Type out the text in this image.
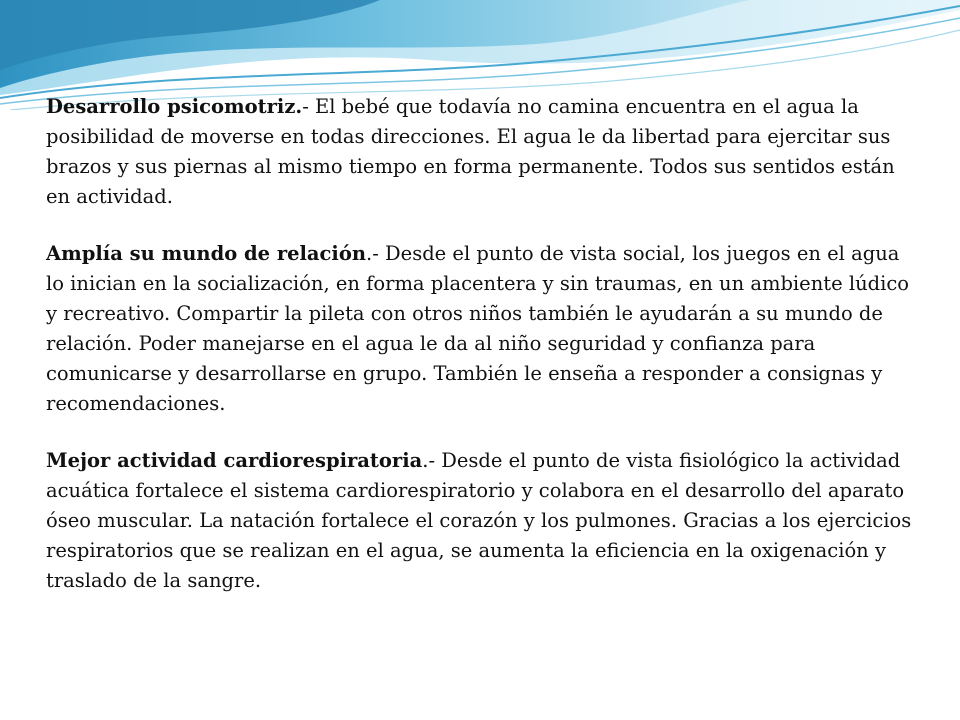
Desarrollo psicomotriz.- El bebé que todavía no camina encuentra en el agua la posibilidad de moverse en todas direcciones. El agua le da libertad para ejercitar sus brazos y sus piernas al mismo tiempo en forma permanente. Todos sus sentidos están en actividad.

Amplía su mundo de relación.- Desde el punto de vista social, los juegos en el agua lo inician en la socialización, en forma placentera y sin traumas, en un ambiente lúdico y recreativo. Compartir la pileta con otros niños también le ayudarán a su mundo de relación. Poder manejarse en el agua le da al niño seguridad y confianza para comunicarse y desarrollarse en grupo. También le enseña a responder a consignas y recomendaciones.

Mejor actividad cardiorespiratoria.- Desde el punto de vista fisiológico la actividad acuática fortalece el sistema cardiorespiratorio y colabora en el desarrollo del aparato óseo muscular. La natación fortalece el corazón y los pulmones. Gracias a los ejercicios respiratorios que se realizan en el agua, se aumenta la eficiencia en la oxigenación y traslado de la sangre.
